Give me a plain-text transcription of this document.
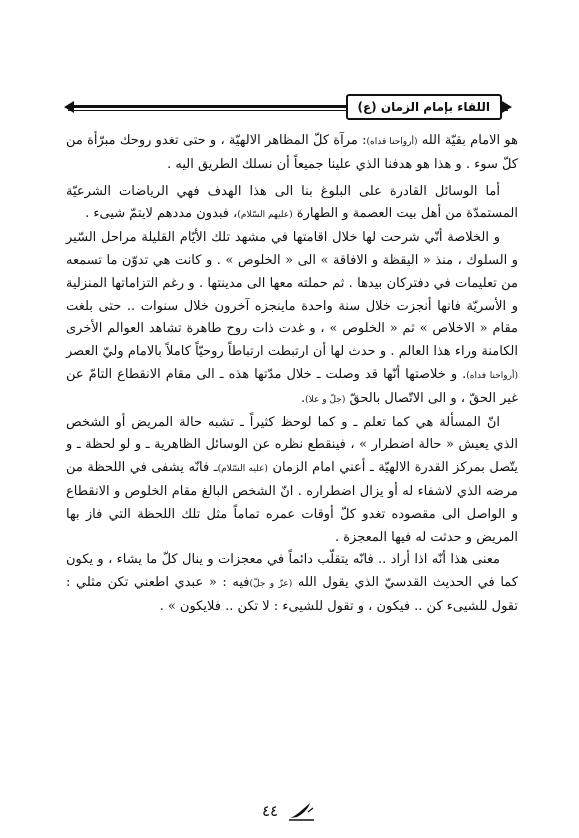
اللقاء بإمام الزمان (ع)

هو الامام بقيّة الله (أرواحنا فداه): مرآة كلّ المظاهر الالهيّة ، و حتى تغدو روحك مبرّأة من كلّ سوء . و هذا هو هدفنا الذي علينا جميعاً أن نسلك الطريق اليه .

أما الوسائل القادرة على البلوغ بنا الى هذا الهدف فهي الرياضات الشرعيّة المستمدّة من أهل بيت العصمة و الطهارة (عليهم السّلام)، فبدون مددهم لايتمّ شيىء .

و الخلاصة أنّي شرحت لها خلال اقامتها في مشهد تلك الأيّام القليلة مراحل السّير و السلوك ، منذ « اليقظة و الافاقة » الى « الخلوص » . و كانت هي تدوّن ما تسمعه من تعليمات في دفتركان بيدها . ثم حملته معها الى مدينتها . و رغم التزاماتها المنزلية و الأسريّة فانها أنجزت خلال سنة واحدة ماينجزه آخرون خلال سنوات .. حتى بلغت مقام « الاخلاص » ثم « الخلوص » ، و غدت ذات روح طاهرة تشاهد العوالم الأخرى الكامنة وراء هذا العالم . و حدث لها أن ارتبطت ارتباطاً روحيّاً كاملاً بالامام وليّ العصر (أرواحنا فداه). و خلاصتها أنّها قد وصلت ـ خلال مدّتها هذه ـ الى مقام الانقطاع التامّ عن غير الحقّ ، و الى الاتّصال بالحقّ (جلّ و علا).

انّ المسألة هي كما تعلم ـ و كما لوحظ كثيراً ـ تشبه حالة المريض أو الشخص الذي يعيش « حالة اضطرار » ، فينقطع نظره عن الوسائل الظاهرية ـ و لو لحظة ـ و يتّصل بمركز القدرة الالهيّة ـ أعني امام الزمان (عليه السّلام)ـ فانّه يشفى في اللحظة من مرضه الذي لاشفاء له أو يزال اضطراره . انّ الشخص البالغ مقام الخلوص و الانقطاع و الواصل الى مقصوده تغدو كلّ أوقات عمره تماماً مثل تلك اللحظة التي فاز بها المريض و حدثت له فيها المعجزة .

معنى هذا أنّه اذا أراد .. فانّه يتقلّب دائماً في معجزات و ينال كلّ ما يشاء ، و يكون كما في الحديث القدسيّ الذي يقول الله (عزّ و جلّ)فيه : « عبدي اطعني تكن مثلي : تقول للشيىء كن .. فيكون ، و تقول للشيىء : لا تكن .. فلايكون » .

٤٤
